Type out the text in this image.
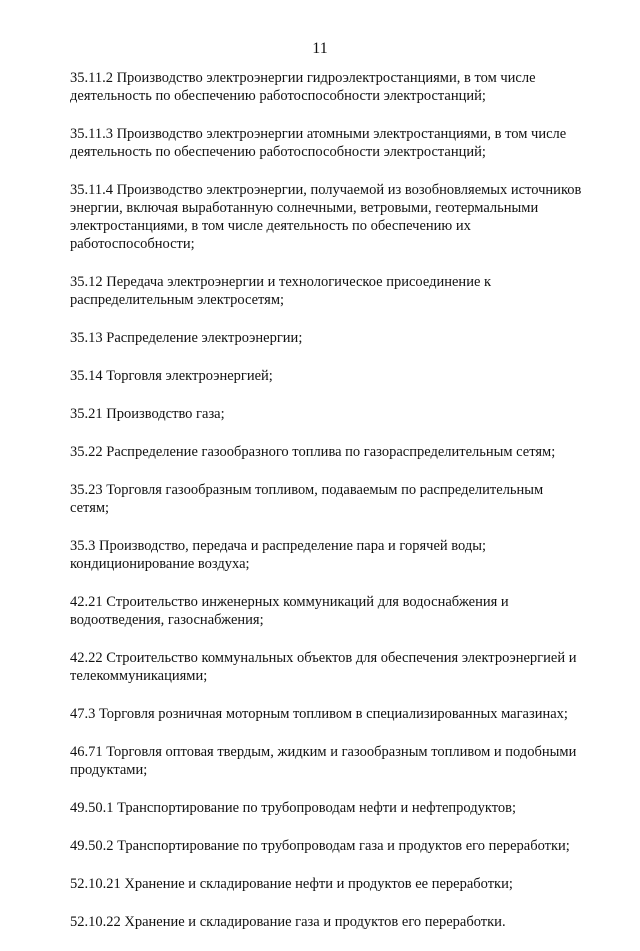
11
35.11.2 Производство электроэнергии гидроэлектростанциями, в том числе
деятельность по обеспечению работоспособности электростанций;
35.11.3 Производство электроэнергии атомными электростанциями, в том числе
деятельность по обеспечению работоспособности электростанций;
35.11.4 Производство электроэнергии, получаемой из возобновляемых источников
энергии, включая выработанную солнечными, ветровыми, геотермальными
электростанциями, в том числе деятельность по обеспечению их
работоспособности;
35.12 Передача электроэнергии и технологическое присоединение к
распределительным электросетям;
35.13 Распределение электроэнергии;
35.14 Торговля электроэнергией;
35.21 Производство газа;
35.22 Распределение газообразного топлива по газораспределительным сетям;
35.23 Торговля газообразным топливом, подаваемым по распределительным
сетям;
35.3 Производство, передача и распределение пара и горячей воды;
кондиционирование воздуха;
42.21 Строительство инженерных коммуникаций для водоснабжения и
водоотведения, газоснабжения;
42.22 Строительство коммунальных объектов для обеспечения электроэнергией и
телекоммуникациями;
47.3 Торговля розничная моторным топливом в специализированных магазинах;
46.71 Торговля оптовая твердым, жидким и газообразным топливом и подобными
продуктами;
49.50.1 Транспортирование по трубопроводам нефти и нефтепродуктов;
49.50.2 Транспортирование по трубопроводам газа и продуктов его переработки;
52.10.21 Хранение и складирование нефти и продуктов ее переработки;
52.10.22 Хранение и складирование газа и продуктов его переработки.
